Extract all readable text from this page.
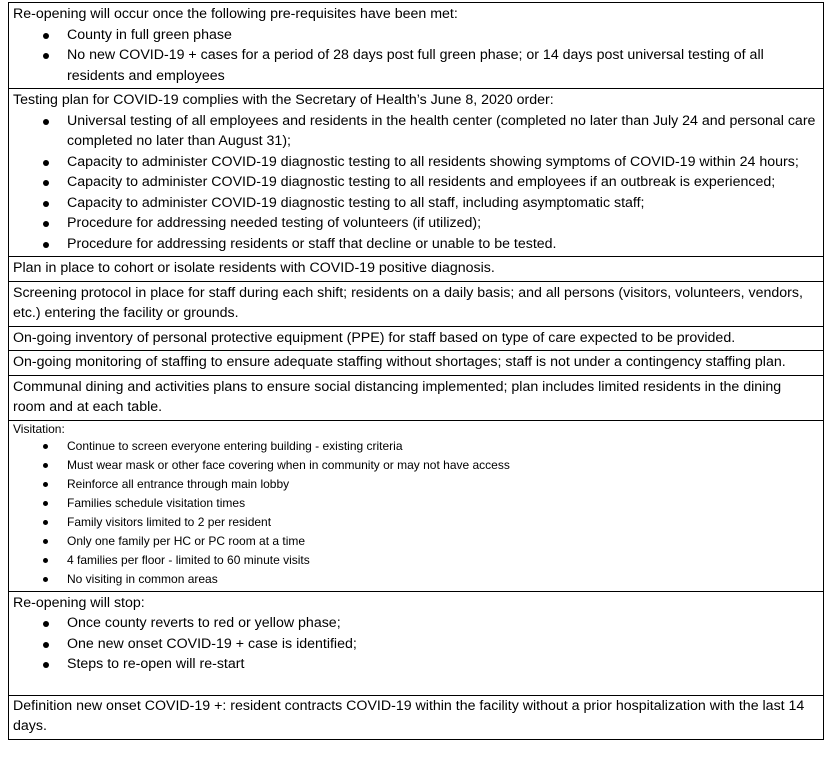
Re-opening will occur once the following pre-requisites have been met:
County in full green phase
No new COVID-19 + cases for a period of 28 days post full green phase; or 14 days post universal testing of all residents and employees
Testing plan for COVID-19 complies with the Secretary of Health’s June 8, 2020 order:
Universal testing of all employees and residents in the health center (completed no later than July 24 and personal care completed no later than August 31);
Capacity to administer COVID-19 diagnostic testing to all residents showing symptoms of COVID-19 within 24 hours;
Capacity to administer COVID-19 diagnostic testing to all residents and employees if an outbreak is experienced;
Capacity to administer COVID-19 diagnostic testing to all staff, including asymptomatic staff;
Procedure for addressing needed testing of volunteers (if utilized);
Procedure for addressing residents or staff that decline or unable to be tested.
Plan in place to cohort or isolate residents with COVID-19 positive diagnosis.
Screening protocol in place for staff during each shift; residents on a daily basis; and all persons (visitors, volunteers, vendors, etc.) entering the facility or grounds.
On-going inventory of personal protective equipment (PPE) for staff based on type of care expected to be provided.
On-going monitoring of staffing to ensure adequate staffing without shortages; staff is not under a contingency staffing plan.
Communal dining and activities plans to ensure social distancing implemented; plan includes limited residents in the dining room and at each table.
Visitation:
Continue to screen everyone entering building - existing criteria
Must wear mask or other face covering when in community or may not have access
Reinforce all entrance through main lobby
Families schedule visitation times
Family visitors limited to 2 per resident
Only one family per HC or PC room at a time
4 families per floor - limited to 60 minute visits
No visiting in common areas
Re-opening will stop:
Once county reverts to red or yellow phase;
One new onset COVID-19 + case is identified;
Steps to re-open will re-start
Definition new onset COVID-19 +: resident contracts COVID-19 within the facility without a prior hospitalization with the last 14 days.
